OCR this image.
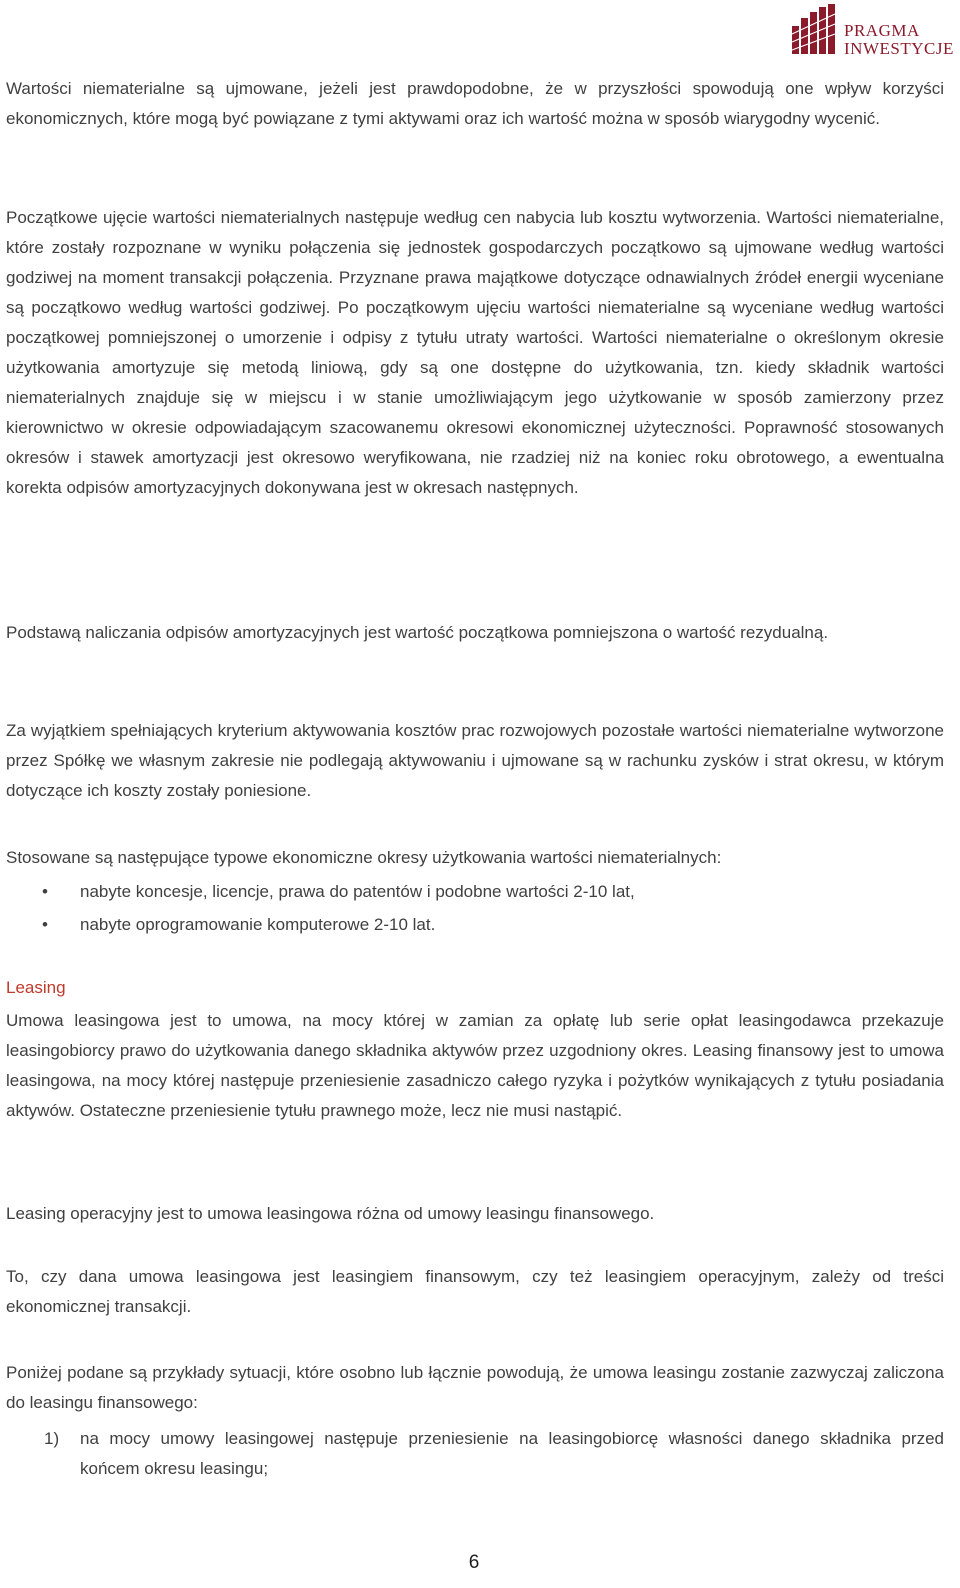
PRAGMA
INWESTYCJE

Wartości niematerialne są ujmowane, jeżeli jest prawdopodobne, że w przyszłości spowodują one wpływ korzyści ekonomicznych, które mogą być powiązane z tymi aktywami oraz ich wartość można w sposób wiarygodny wycenić.

Początkowe ujęcie wartości niematerialnych następuje według cen nabycia lub kosztu wytworzenia. Wartości niematerialne, które zostały rozpoznane w wyniku połączenia się jednostek gospodarczych początkowo są ujmowane według wartości godziwej na moment transakcji połączenia. Przyznane prawa majątkowe dotyczące odnawialnych źródeł energii wyceniane są początkowo według wartości godziwej. Po początkowym ujęciu wartości niematerialne są wyceniane według wartości początkowej pomniejszonej o umorzenie i odpisy z tytułu utraty wartości. Wartości niematerialne o określonym okresie użytkowania amortyzuje się metodą liniową, gdy są one dostępne do użytkowania, tzn. kiedy składnik wartości niematerialnych znajduje się w miejscu i w stanie umożliwiającym jego użytkowanie w sposób zamierzony przez kierownictwo w okresie odpowiadającym szacowanemu okresowi ekonomicznej użyteczności. Poprawność stosowanych okresów i stawek amortyzacji jest okresowo weryfikowana, nie rzadziej niż na koniec roku obrotowego, a ewentualna korekta odpisów amortyzacyjnych dokonywana jest w okresach następnych.

Podstawą naliczania odpisów amortyzacyjnych jest wartość początkowa pomniejszona o wartość rezydualną.

Za wyjątkiem spełniających kryterium aktywowania kosztów prac rozwojowych pozostałe wartości niematerialne wytworzone przez Spółkę we własnym zakresie nie podlegają aktywowaniu i ujmowane są w rachunku zysków i strat okresu, w którym dotyczące ich koszty zostały poniesione.

Stosowane są następujące typowe ekonomiczne okresy użytkowania wartości niematerialnych:

• nabyte koncesje, licencje, prawa do patentów i podobne wartości 2-10 lat,
• nabyte oprogramowanie komputerowe 2-10 lat.
Leasing

Umowa leasingowa jest to umowa, na mocy której w zamian za opłatę lub serie opłat leasingodawca przekazuje leasingobiorcy prawo do użytkowania danego składnika aktywów przez uzgodniony okres. Leasing finansowy jest to umowa leasingowa, na mocy której następuje przeniesienie zasadniczo całego ryzyka i pożytków wynikających z tytułu posiadania aktywów. Ostateczne przeniesienie tytułu prawnego może, lecz nie musi nastąpić.

Leasing operacyjny jest to umowa leasingowa różna od umowy leasingu finansowego.

To, czy dana umowa leasingowa jest leasingiem finansowym, czy też leasingiem operacyjnym, zależy od treści ekonomicznej transakcji.

Poniżej podane są przykłady sytuacji, które osobno lub łącznie powodują, że umowa leasingu zostanie zazwyczaj zaliczona do leasingu finansowego:

1) na mocy umowy leasingowej następuje przeniesienie na leasingobiorcę własności danego składnika przed końcem okresu leasingu;
6
